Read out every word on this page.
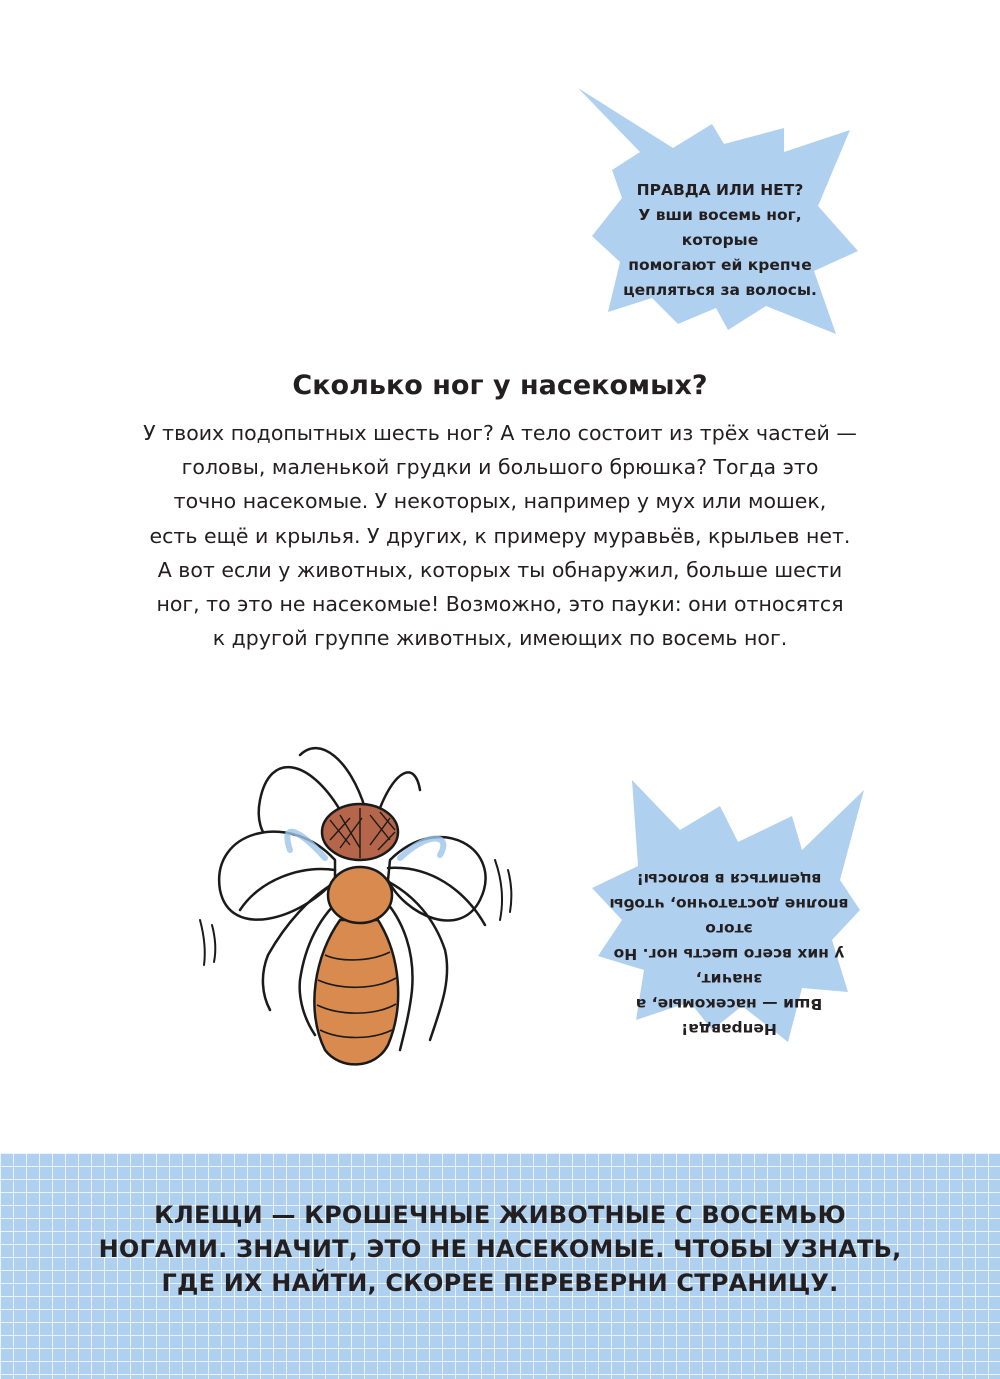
ПРАВДА ИЛИ НЕТ?
У вши восемь ног, которые
помогают ей крепче
цепляться за волосы.
Сколько ног у насекомых?
У твоих подопытных шесть ног? А тело состоит из трёх частей —
головы, маленькой грудки и большого брюшка? Тогда это
точно насекомые. У некоторых, например у мух или мошек,
есть ещё и крылья. У других, к примеру муравьёв, крыльев нет.
А вот если у животных, которых ты обнаружил, больше шести
ног, то это не насекомые! Возможно, это пауки: они относятся
к другой группе животных, имеющих по восемь ног.
Неправда!
Вши — насекомые, а значит,
у них всего шесть ног. Но этого
вполне достаточно, чтобы
вцепиться в волосы!
КЛЕЩИ — КРОШЕЧНЫЕ ЖИВОТНЫЕ С ВОСЕМЬЮ
НОГАМИ. ЗНАЧИТ, ЭТО НЕ НАСЕКОМЫЕ. ЧТОБЫ УЗНАТЬ,
ГДЕ ИХ НАЙТИ, СКОРЕЕ ПЕРЕВЕРНИ СТРАНИЦУ.
